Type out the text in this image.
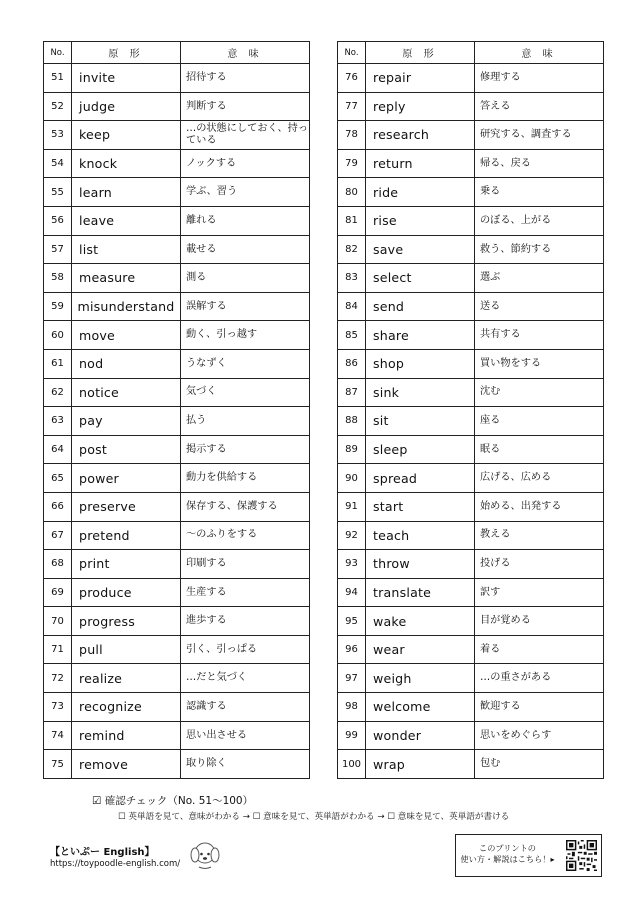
No.	原 形	意 味
51	invite	招待する
52	judge	判断する
53	keep	…の状態にしておく、持っている
54	knock	ノックする
55	learn	学ぶ、習う
56	leave	離れる
57	list	載せる
58	measure	測る
59	misunderstand	誤解する
60	move	動く、引っ越す
61	nod	うなずく
62	notice	気づく
63	pay	払う
64	post	掲示する
65	power	動力を供給する
66	preserve	保存する、保護する
67	pretend	～のふりをする
68	print	印刷する
69	produce	生産する
70	progress	進歩する
71	pull	引く、引っぱる
72	realize	…だと気づく
73	recognize	認識する
74	remind	思い出させる
75	remove	取り除く
No.	原 形	意 味
76	repair	修理する
77	reply	答える
78	research	研究する、調査する
79	return	帰る、戻る
80	ride	乗る
81	rise	のぼる、上がる
82	save	救う、節約する
83	select	選ぶ
84	send	送る
85	share	共有する
86	shop	買い物をする
87	sink	沈む
88	sit	座る
89	sleep	眠る
90	spread	広げる、広める
91	start	始める、出発する
92	teach	教える
93	throw	投げる
94	translate	訳す
95	wake	目が覚める
96	wear	着る
97	weigh	…の重さがある
98	welcome	歓迎する
99	wonder	思いをめぐらす
100	wrap	包む
☑ 確認チェック（No. 51～100）
☐ 英単語を見て、意味がわかる → ☐ 意味を見て、英単語がわかる → ☐ 意味を見て、英単語が書ける
【といぷー English】
https://toypoodle-english.com/
このプリントの
使い方・解説はこちら！▸
